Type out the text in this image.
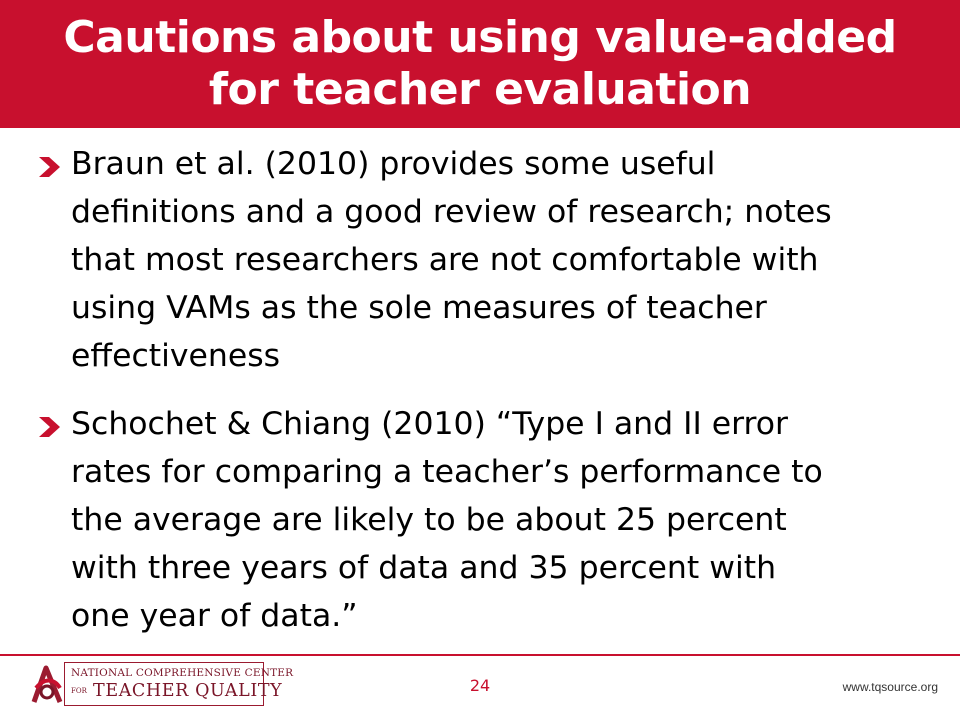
Cautions about using value-added
for teacher evaluation
Braun et al. (2010) provides some useful
definitions and a good review of research; notes
that most researchers are not comfortable with
using VAMs as the sole measures of teacher
effectiveness
Schochet & Chiang (2010) “Type I and II error
rates for comparing a teacher’s performance to
the average are likely to be about 25 percent
with three years of data and 35 percent with
one year of data.”
NATIONAL COMPREHENSIVE CENTER
FOR TEACHER QUALITY	24	www.tqsource.org
